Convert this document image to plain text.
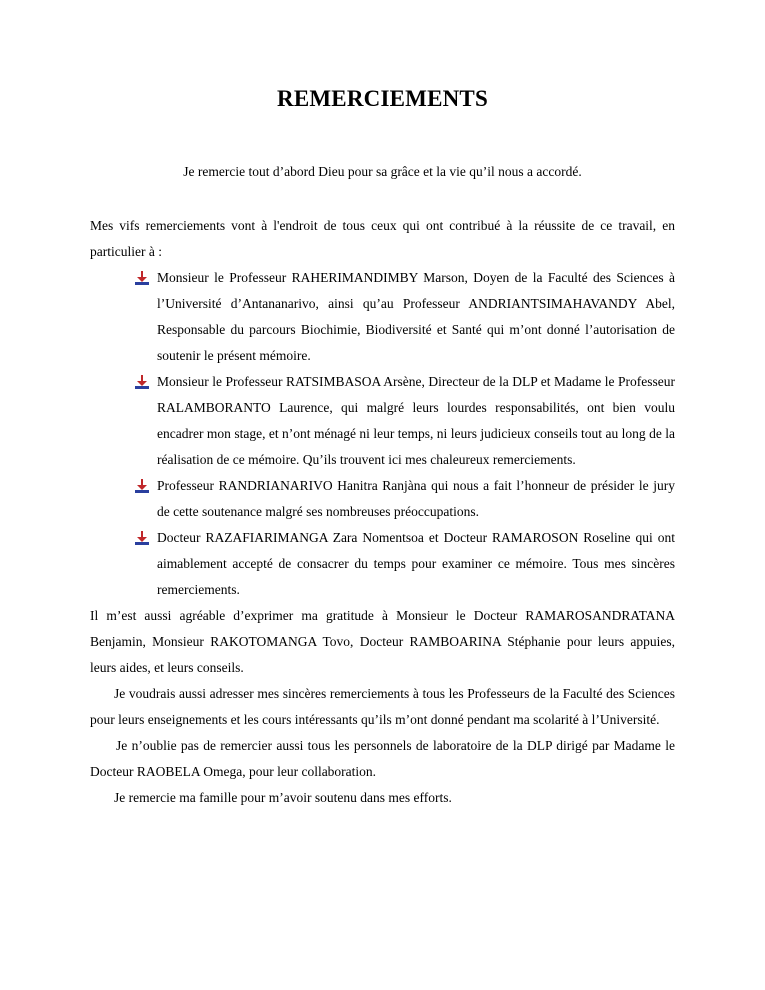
REMERCIEMENTS
Je remercie tout d’abord Dieu pour sa grâce et la vie qu’il nous a accordé.

Mes vifs remerciements vont à l'endroit de tous ceux qui ont contribué à la réussite de ce travail, en particulier à :

Monsieur le Professeur RAHERIMANDIMBY Marson, Doyen de la Faculté des Sciences à l’Université d’Antananarivo, ainsi qu’au Professeur ANDRIANTSIMAHAVANDY Abel, Responsable du parcours Biochimie, Biodiversité et Santé qui m’ont donné l’autorisation de soutenir le présent mémoire.
Monsieur le Professeur RATSIMBASOA Arsène, Directeur de la DLP et Madame le Professeur RALAMBORANTO Laurence, qui malgré leurs lourdes responsabilités, ont bien voulu encadrer mon stage, et n’ont ménagé ni leur temps, ni leurs judicieux conseils tout au long de la réalisation de ce mémoire. Qu’ils trouvent ici mes chaleureux remerciements.
Professeur RANDRIANARIVO Hanitra Ranjàna qui nous a fait l’honneur de présider le jury de cette soutenance malgré ses nombreuses préoccupations.
Docteur RAZAFIARIMANGA Zara Nomentsoa et Docteur RAMAROSON Roseline qui ont aimablement accepté de consacrer du temps pour examiner ce mémoire. Tous mes sincères remerciements.

Il m’est aussi agréable d’exprimer ma gratitude à Monsieur le Docteur RAMAROSANDRATANA Benjamin, Monsieur RAKOTOMANGA Tovo, Docteur RAMBOARINA Stéphanie pour leurs appuies, leurs aides, et leurs conseils.

Je voudrais aussi adresser mes sincères remerciements à tous les Professeurs de la Faculté des Sciences pour leurs enseignements et les cours intéressants qu’ils m’ont donné pendant ma scolarité à l’Université.

Je n’oublie pas de remercier aussi tous les personnels de laboratoire de la DLP dirigé par Madame le Docteur RAOBELA Omega, pour leur collaboration.

Je remercie ma famille pour m’avoir soutenu dans mes efforts.
